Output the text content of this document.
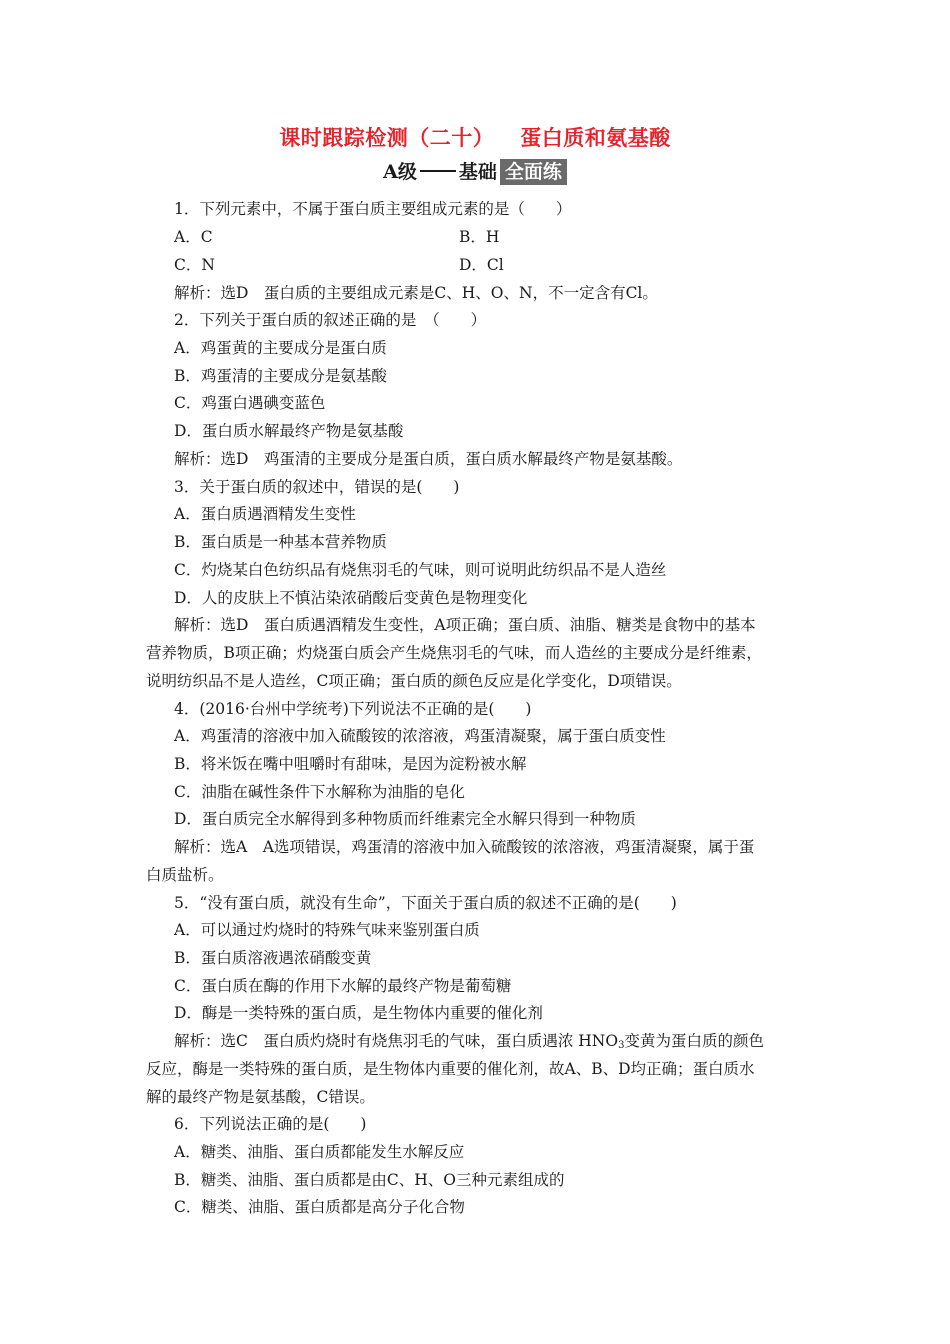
课时跟踪检测（二十） 蛋白质和氨基酸
A级 基础 全面练
1．下列元素中，不属于蛋白质主要组成元素的是（　　）
A．C	B．H
C．N	D．Cl
解析：选D　蛋白质的主要组成元素是C、H、O、N，不一定含有Cl。
2．下列关于蛋白质的叙述正确的是　（　　）
A．鸡蛋黄的主要成分是蛋白质
B．鸡蛋清的主要成分是氨基酸
C．鸡蛋白遇碘变蓝色
D．蛋白质水解最终产物是氨基酸
解析：选D　鸡蛋清的主要成分是蛋白质，蛋白质水解最终产物是氨基酸。
3．关于蛋白质的叙述中，错误的是(　　)
A．蛋白质遇酒精发生变性
B．蛋白质是一种基本营养物质
C．灼烧某白色纺织品有烧焦羽毛的气味，则可说明此纺织品不是人造丝
D．人的皮肤上不慎沾染浓硝酸后变黄色是物理变化
解析：选D　蛋白质遇酒精发生变性，A项正确；蛋白质、油脂、糖类是食物中的基本
营养物质，B项正确；灼烧蛋白质会产生烧焦羽毛的气味，而人造丝的主要成分是纤维素，
说明纺织品不是人造丝，C项正确；蛋白质的颜色反应是化学变化，D项错误。
4．(2016·台州中学统考)下列说法不正确的是(　　)
A．鸡蛋清的溶液中加入硫酸铵的浓溶液，鸡蛋清凝聚，属于蛋白质变性
B．将米饭在嘴中咀嚼时有甜味，是因为淀粉被水解
C．油脂在碱性条件下水解称为油脂的皂化
D．蛋白质完全水解得到多种物质而纤维素完全水解只得到一种物质
解析：选A　A选项错误，鸡蛋清的溶液中加入硫酸铵的浓溶液，鸡蛋清凝聚，属于蛋
白质盐析。
5．“没有蛋白质，就没有生命”，下面关于蛋白质的叙述不正确的是(　　)
A．可以通过灼烧时的特殊气味来鉴别蛋白质
B．蛋白质溶液遇浓硝酸变黄
C．蛋白质在酶的作用下水解的最终产物是葡萄糖
D．酶是一类特殊的蛋白质，是生物体内重要的催化剂
解析：选C　蛋白质灼烧时有烧焦羽毛的气味，蛋白质遇浓 $HNO_3$变黄为蛋白质的颜色
反应，酶是一类特殊的蛋白质，是生物体内重要的催化剂，故A、B、D均正确；蛋白质水
解的最终产物是氨基酸，C错误。
6．下列说法正确的是(　　)
A．糖类、油脂、蛋白质都能发生水解反应
B．糖类、油脂、蛋白质都是由C、H、O三种元素组成的
C．糖类、油脂、蛋白质都是高分子化合物
